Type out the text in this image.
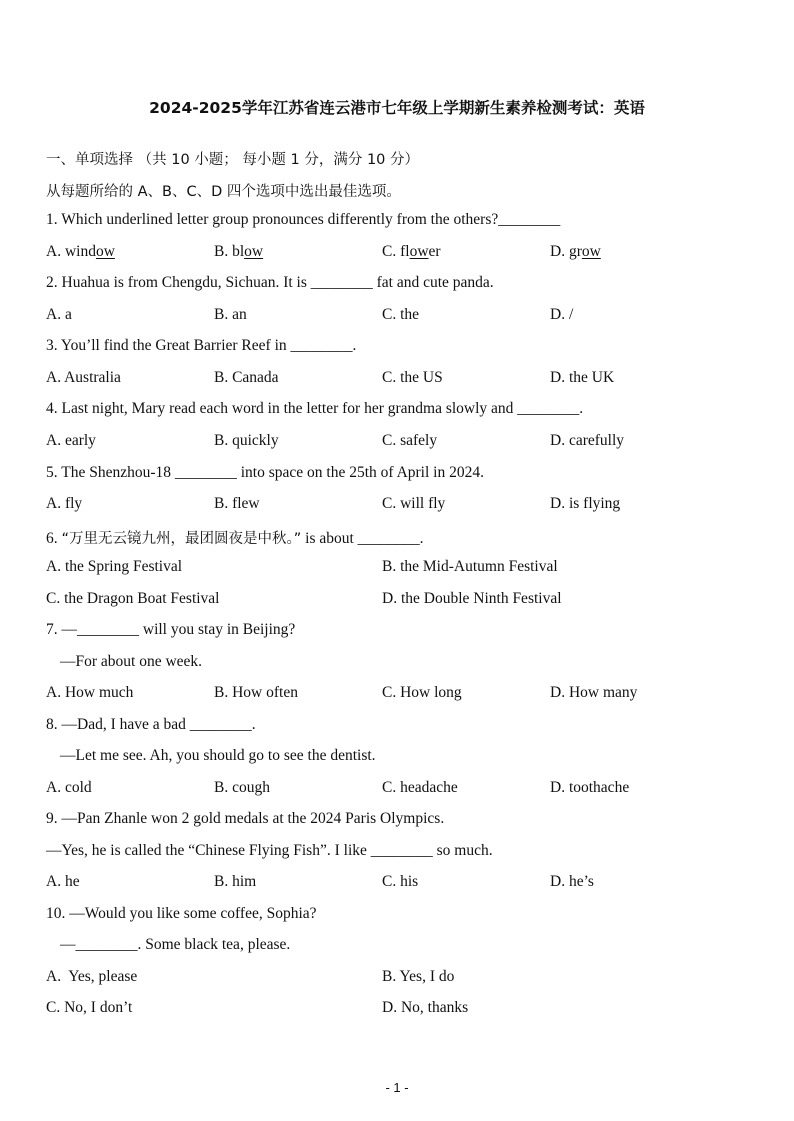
2024-2025学年江苏省连云港市七年级上学期新生素养检测考试：英语
一、单项选择 （共 10 小题； 每小题 1 分，满分 10 分）
从每题所给的 A、B、C、D 四个选项中选出最佳选项。
1. Which underlined letter group pronounces differently from the others?________
A. window	B. blow	C. flower	D. grow
2. Huahua is from Chengdu, Sichuan. It is ________ fat and cute panda.
A. a	B. an	C. the	D. /
3. You’ll find the Great Barrier Reef in ________.
A. Australia	B. Canada	C. the US	D. the UK
4. Last night, Mary read each word in the letter for her grandma slowly and ________.
A. early	B. quickly	C. safely	D. carefully
5. The Shenzhou-18 ________ into space on the 25th of April in 2024.
A. fly	B. flew	C. will fly	D. is flying
6. “万里无云镜九州，最团圆夜是中秋。” is about ________.
A. the Spring Festival	B. the Mid-Autumn Festival
C. the Dragon Boat Festival	D. the Double Ninth Festival
7. —________ will you stay in Beijing?
—For about one week.
A. How much	B. How often	C. How long	D. How many
8. —Dad, I have a bad ________.
—Let me see. Ah, you should go to see the dentist.
A. cold	B. cough	C. headache	D. toothache
9. —Pan Zhanle won 2 gold medals at the 2024 Paris Olympics.
—Yes, he is called the “Chinese Flying Fish”. I like ________ so much.
A. he	B. him	C. his	D. he’s
10. —Would you like some coffee, Sophia?
—________. Some black tea, please.
A.  Yes, please	B. Yes, I do
C. No, I don’t	D. No, thanks
- 1 -
